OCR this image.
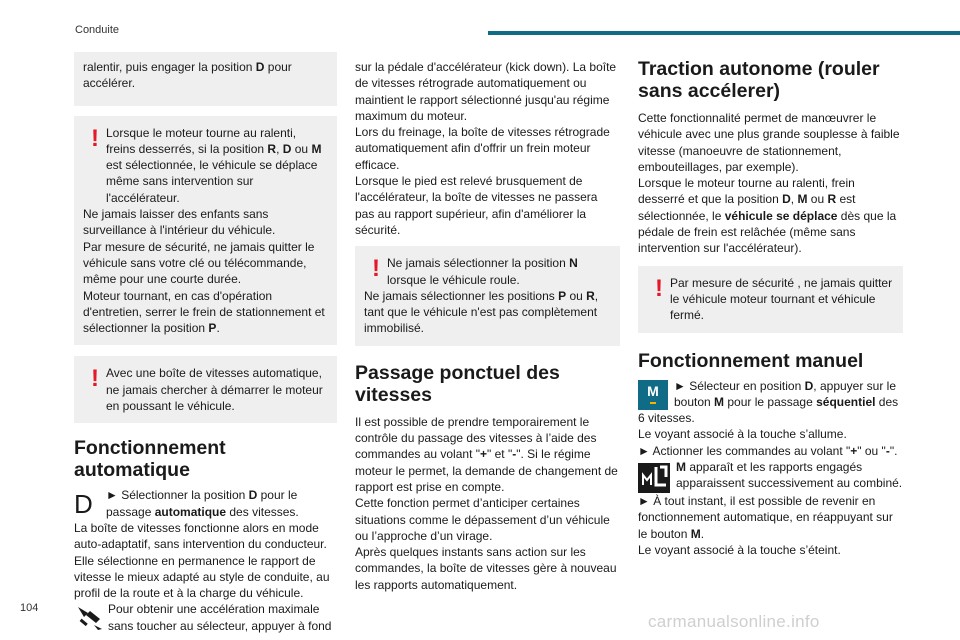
Conduite

ralentir, puis engager la position D pour accélérer.

! Lorsque le moteur tourne au ralenti, freins desserrés, si la position R, D ou M est sélectionnée, le véhicule se déplace même sans intervention sur l'accélérateur.

Ne jamais laisser des enfants sans surveillance à l'intérieur du véhicule.

Par mesure de sécurité, ne jamais quitter le véhicule sans votre clé ou télécommande, même pour une courte durée.

Moteur tournant, en cas d'opération d'entretien, serrer le frein de stationnement et sélectionner la position P.

! Avec une boîte de vitesses automatique, ne jamais chercher à démarrer le moteur en poussant le véhicule.

Fonctionnement automatique
D	► Sélectionner la position D pour le passage automatique des vitesses.

La boîte de vitesses fonctionne alors en mode auto-adaptatif, sans intervention du conducteur.

Elle sélectionne en permanence le rapport de vitesse le mieux adapté au style de conduite, au profil de la route et à la charge du véhicule.

Pour obtenir une accélération maximale sans toucher au sélecteur, appuyer à fond

sur la pédale d'accélérateur (kick down). La boîte de vitesses rétrograde automatiquement ou maintient le rapport sélectionné jusqu'au régime maximum du moteur.

Lors du freinage, la boîte de vitesses rétrograde automatiquement afin d'offrir un frein moteur efficace.

Lorsque le pied est relevé brusquement de l'accélérateur, la boîte de vitesses ne passera pas au rapport supérieur, afin d'améliorer la sécurité.

! Ne jamais sélectionner la position N lorsque le véhicule roule.

Ne jamais sélectionner les positions P ou R, tant que le véhicule n'est pas complètement immobilisé.

Passage ponctuel des vitesses

Il est possible de prendre temporairement le contrôle du passage des vitesses à l’aide des commandes au volant "+" et "-". Si le régime moteur le permet, la demande de changement de rapport est prise en compte.

Cette fonction permet d’anticiper certaines situations comme le dépassement d’un véhicule ou l’approche d’un virage.

Après quelques instants sans action sur les commandes, la boîte de vitesses gère à nouveau les rapports automatiquement.

Traction autonome (rouler sans accélerer)

Cette fonctionnalité permet de manœuvrer le véhicule avec une plus grande souplesse à faible vitesse (manoeuvre de stationnement, embouteillages, par exemple).

Lorsque le moteur tourne au ralenti, frein desserré et que la position D, M ou R est sélectionnée, le véhicule se déplace dès que la pédale de frein est relâchée (même sans intervention sur l'accélérateur).

! Par mesure de sécurité , ne jamais quitter le véhicule moteur tournant et véhicule fermé.

Fonctionnement manuel
M	► Sélecteur en position D, appuyer sur le bouton M pour le passage séquentiel des 6 vitesses.

Le voyant associé à la touche s’allume.

► Actionner les commandes au volant "+" ou "-".

M apparaît et les rapports engagés apparaissent successivement au combiné.

► À tout instant, il est possible de revenir en fonctionnement automatique, en réappuyant sur le bouton M.

Le voyant associé à la touche s’éteint.

104
carmanualsonline.info
